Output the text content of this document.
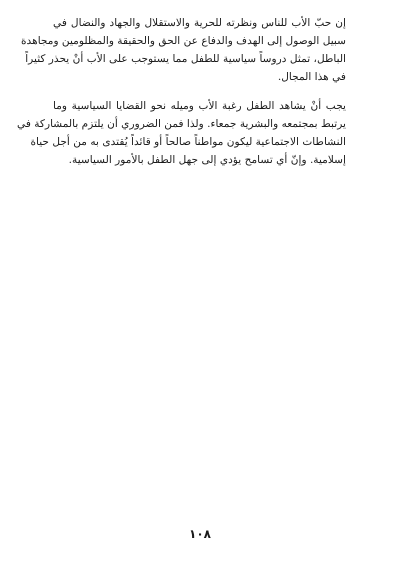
إن حبّ الأب للناس ونظرته للحرية والاستقلال والجهاد والنضال في
سبيل الوصول إلى الهدف والدفاع عن الحق والحقيقة والمظلومين ومجاهدة
الباطل، تمثل دروساً سياسية للطفل مما يستوجب على الأب أنْ يحذر كثيراً
في هذا المجال.
يجب أنْ يشاهد الطفل رغبة الأب وميله نحو القضايا السياسية وما
يرتبط بمجتمعه والبشرية جمعاء. ولذا فمن الضروري أن يلتزم بالمشاركة في
النشاطات الاجتماعية ليكون مواطناً صالحاً أو قائداً يُقتدى به من أجل حياة
إسلامية. وإنّ أي تسامح يؤدي إلى جهل الطفل بالأمور السياسية.
١٠٨
